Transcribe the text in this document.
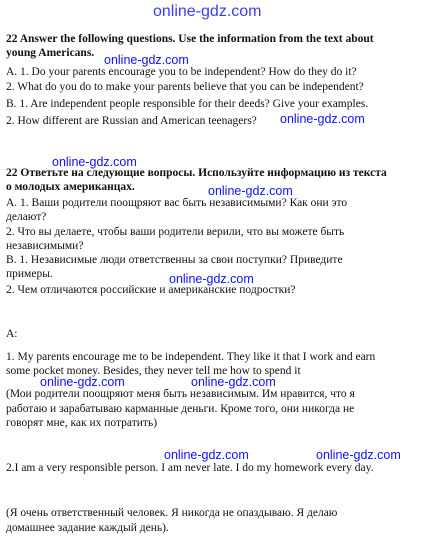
online-gdz.com
22 Answer the following questions. Use the information from the text about
young Americans. online-gdz.com
A. 1. Do your parents encourage you to be independent? How do they do it?
2. What do you do to make your parents believe that you can be independent?
B. 1. Are independent people responsible for their deeds? Give your examples.
2. How different are Russian and American teenagers? online-gdz.com
online-gdz.com
22 Ответьте на следующие вопросы. Используйте информацию из текста
о молодых американцах.	online-gdz.com
A. 1. Ваши родители поощряют вас быть независимыми? Как они это
делают?
2. Что вы делаете, чтобы ваши родители верили, что вы можете быть
независимыми?
B. 1. Независимые люди ответственны за свои поступки? Приведите
примеры.	online-gdz.com
2. Чем отличаются российские и американские подростки?
A:
1. My parents encourage me to be independent. They like it that I work and earn
some pocket money. Besides, they never tell me how to spend it
online-gdz.com	online-gdz.com
(Мои родители поощряют меня быть независимым. Им нравится, что я
работаю и зарабатываю карманные деньги. Кроме того, они никогда не
говорят мне, как их потратить)
online-gdz.com	online-gdz.com
2.I am a very responsible person. I am never late. I do my homework every day.
(Я очень ответственный человек. Я никогда не опаздываю. Я делаю
домашнее задание каждый день).
